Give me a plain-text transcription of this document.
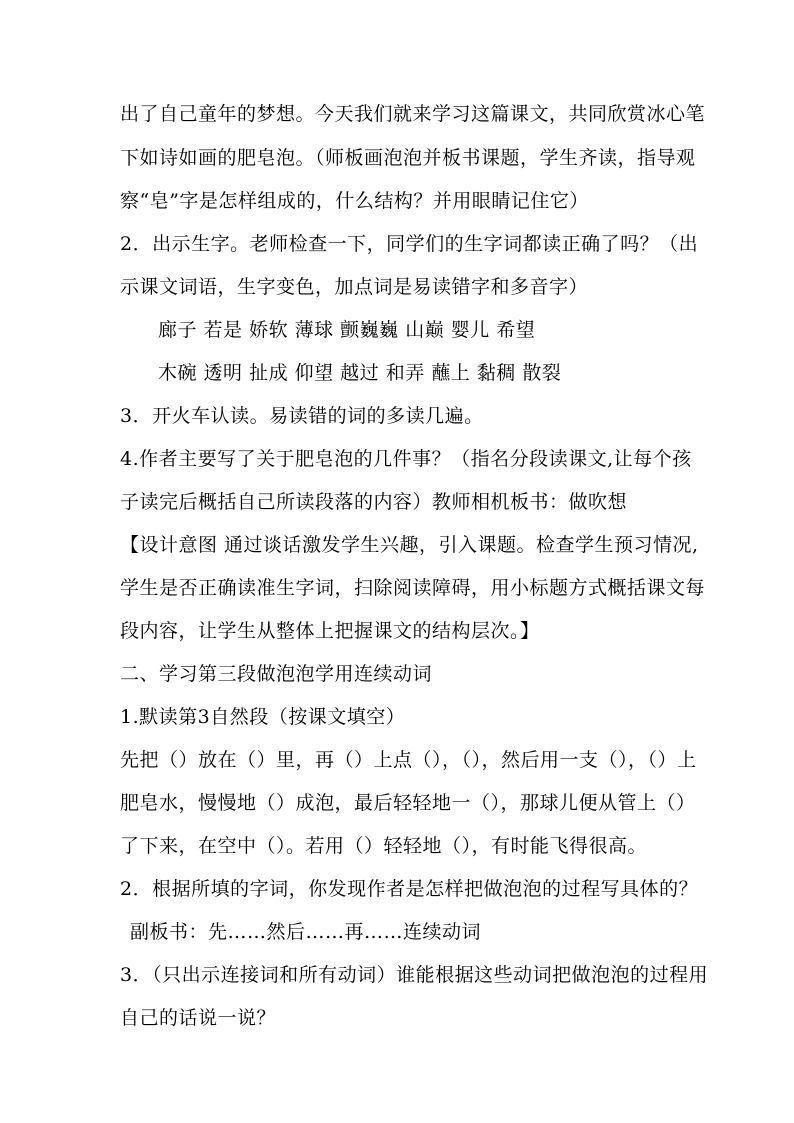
出了自己童年的梦想。今天我们就来学习这篇课文，共同欣赏冰心笔
下如诗如画的肥皂泡。（师板画泡泡并板书课题，学生齐读，指导观
察“皂”字是怎样组成的，什么结构？并用眼睛记住它）
2．出示生字。老师检查一下，同学们的生字词都读正确了吗？（出
示课文词语，生字变色，加点词是易读错字和多音字）
廊子 若是 娇软 薄球 颤巍巍 山巅 婴儿 希望
木碗 透明 扯成 仰望 越过 和弄 蘸上 黏稠 散裂
3．开火车认读。易读错的词的多读几遍。
4.作者主要写了关于肥皂泡的几件事？（指名分段读课文,让每个孩
子读完后概括自己所读段落的内容）教师相机板书：做吹想
【设计意图 通过谈话激发学生兴趣，引入课题。检查学生预习情况,
学生是否正确读准生字词，扫除阅读障碍，用小标题方式概括课文每
段内容，让学生从整体上把握课文的结构层次。】
二、学习第三段做泡泡学用连续动词
1.默读第3自然段（按课文填空）
先把（）放在（）里，再（）上点（），（），然后用一支（），（）上
肥皂水，慢慢地（）成泡，最后轻轻地一（），那球儿便从管上（）
了下来，在空中（）。若用（）轻轻地（），有时能飞得很高。
2．根据所填的字词，你发现作者是怎样把做泡泡的过程写具体的？
副板书：先……然后……再……连续动词
3．（只出示连接词和所有动词）谁能根据这些动词把做泡泡的过程用
自己的话说一说？
